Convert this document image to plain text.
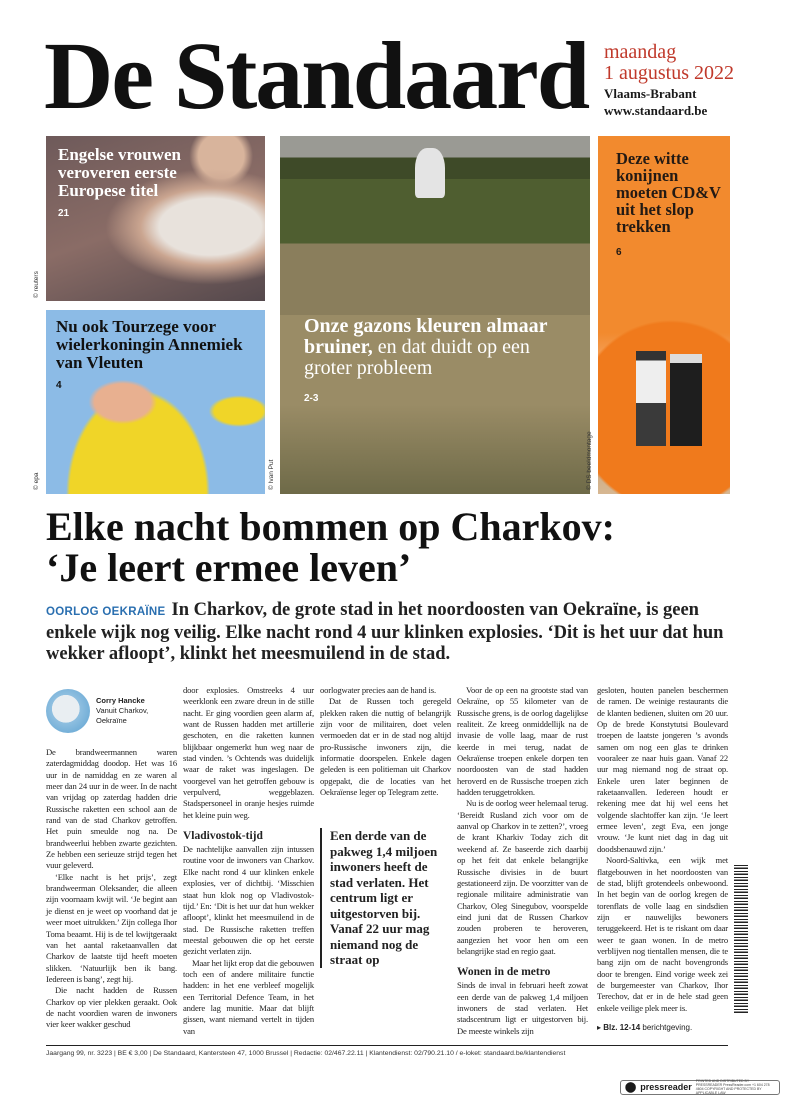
De Standaard maandag
1 augustus 2022
Vlaams-Brabant
www.standaard.be
Engelse vrouwen veroveren eerste Europese titel
21
© reuters
Nu ook Tourzege voor wielerkoningin Annemiek van Vleuten
4
© epa
Onze gazons kleuren almaar bruiner, en dat duidt op een groter probleem
2-3
© Ivan Put
Deze witte konijnen moeten CD&V uit het slop trekken
6
© DS beeldmontage
Elke nacht bommen op Charkov:
‘Je leert ermee leven’
OORLOG OEKRAÏNE In Charkov, de grote stad in het noordoosten van Oekraïne, is geen enkele wijk nog veilig. Elke nacht rond 4 uur klinken explosies. ‘Dit is het uur dat hun wekker afloopt’, klinkt het meesmuilend in de stad.
Corry Hancke
Vanuit Charkov, Oekraïne

De brandweermannen waren zaterdagmiddag doodop. Het was 16 uur in de namiddag en ze waren al meer dan 24 uur in de weer. In de nacht van vrijdag op zaterdag hadden drie Russische raketten een school aan de rand van de stad Charkov getroffen. Het puin smeulde nog na. De brandweerlui hebben zwarte gezichten. Ze hebben een serieuze strijd tegen het vuur geleverd.

‘Elke nacht is het prijs’, zegt brandweerman Oleksander, die alleen zijn voornaam kwijt wil. ‘Je begint aan je dienst en je weet op voorhand dat je weer moet uitrukken.’ Zijn collega Ihor Toma beaamt. Hij is de tel kwijtgeraakt van het aantal raketaanvallen dat Charkov de laatste tijd heeft moeten slikken. ‘Natuurlijk ben ik bang. Iedereen is bang’, zegt hij.

Die nacht hadden de Russen Charkov op vier plekken geraakt. Ook de nacht voordien waren de inwoners vier keer wakker geschud

door explosies. Omstreeks 4 uur weerklonk een zware dreun in de stille nacht. Er ging voordien geen alarm af, want de Russen hadden met artillerie geschoten, en die raketten kunnen blijkbaar ongemerkt hun weg naar de stad vinden. ’s Ochtends was duidelijk waar de raket was ingeslagen. De voorgevel van het getroffen gebouw is verpulverd, weggeblazen. Stadspersoneel in oranje hesjes ruimde het kleine puin weg.

Vladivostok-tijd

De nachtelijke aanvallen zijn intussen routine voor de inwoners van Charkov. Elke nacht rond 4 uur klinken enkele explosies, ver of dichtbij. ‘Misschien staat hun klok nog op Vladivostok-tijd.’ En: ‘Dit is het uur dat hun wekker afloopt’, klinkt het meesmuilend in de stad. De Russische raketten treffen meestal gebouwen die op het eerste gezicht verlaten zijn.

Maar het lijkt erop dat die gebouwen toch een of andere militaire functie hadden: in het ene verbleef mogelijk een Territorial Defence Team, in het andere lag munitie. Maar dat blijft gissen, want niemand vertelt in tijden van

oorlogwater precies aan de hand is.

Dat de Russen toch geregeld plekken raken die nuttig of belangrijk zijn voor de militairen, doet velen vermoeden dat er in de stad nog altijd pro-Russische inwoners zijn, die informatie doorspelen. Enkele dagen geleden is een politieman uit Charkov opgepakt, die de locaties van het Oekraïense leger op Telegram zette.

Een derde van de pakweg 1,4 miljoen inwoners heeft de stad verlaten. Het centrum ligt er uitgestorven bij. Vanaf 22 uur mag niemand nog de straat op

Voor de op een na grootste stad van Oekraïne, op 55 kilometer van de Russische grens, is de oorlog dagelijkse realiteit. Ze kreeg onmiddellijk na de invasie de volle laag, maar de rust keerde in mei terug, nadat de Oekraïense troepen enkele dorpen ten noordoosten van de stad hadden heroverd en de Russische troepen zich hadden teruggetrokken.

Nu is de oorlog weer helemaal terug. ‘Bereidt Rusland zich voor om de aanval op Charkov in te zetten?’, vroeg de krant Kharkiv Today zich dit weekend af. Ze baseerde zich daarbij op het feit dat enkele belangrijke Russische divisies in de buurt gestationeerd zijn. De voorzitter van de regionale militaire administratie van Charkov, Oleg Sinegubov, voorspelde eind juni dat de Russen Charkov zouden proberen te heroveren, aangezien het voor hen om een belangrijke stad en regio gaat.

Wonen in de metro

Sinds de inval in februari heeft zowat een derde van de pakweg 1,4 miljoen inwoners de stad verlaten. Het stadscentrum ligt er uitgestorven bij. De meeste winkels zijn

gesloten, houten panelen beschermen de ramen. De weinige restaurants die de klanten bedienen, sluiten om 20 uur. Op de brede Konstytutsi Boulevard troepen de laatste jongeren ’s avonds samen om nog een glas te drinken vooraleer ze naar huis gaan. Vanaf 22 uur mag niemand nog de straat op. Enkele uren later beginnen de raketaanvallen. Iedereen houdt er rekening mee dat hij wel eens het volgende slachtoffer kan zijn. ‘Je leert ermee leven’, zegt Eva, een jonge vrouw. ‘Je kunt niet dag in dag uit doodsbenauwd zijn.’

Noord-Saltivka, een wijk met flatgebouwen in het noordoosten van de stad, blijft grotendeels onbewoond. In het begin van de oorlog kregen de torenflats de volle laag en sindsdien zijn er nauwelijks bewoners teruggekeerd. Het is te riskant om daar weer te gaan wonen. In de metro verblijven nog tientallen mensen, die te bang zijn om de nacht bovengronds door te brengen. Eind vorige week zei de burgemeester van Charkov, Ihor Terechov, dat er in de hele stad geen enkele veilige plek meer is.

▸ Blz. 12-14 berichtgeving.
Jaargang 99, nr. 3223 | BE € 3,00 | De Standaard, Kantersteen 47, 1000 Brussel | Redactie: 02/467.22.11 | Klantendienst: 02/790.21.10 / e-loket: standaard.be/klantendienst
⬤ pressreader
PRINTED AND DISTRIBUTED BY PRESSREADER PressReader.com +1 604 278 4604 COPYRIGHT AND PROTECTED BY APPLICABLE LAW
